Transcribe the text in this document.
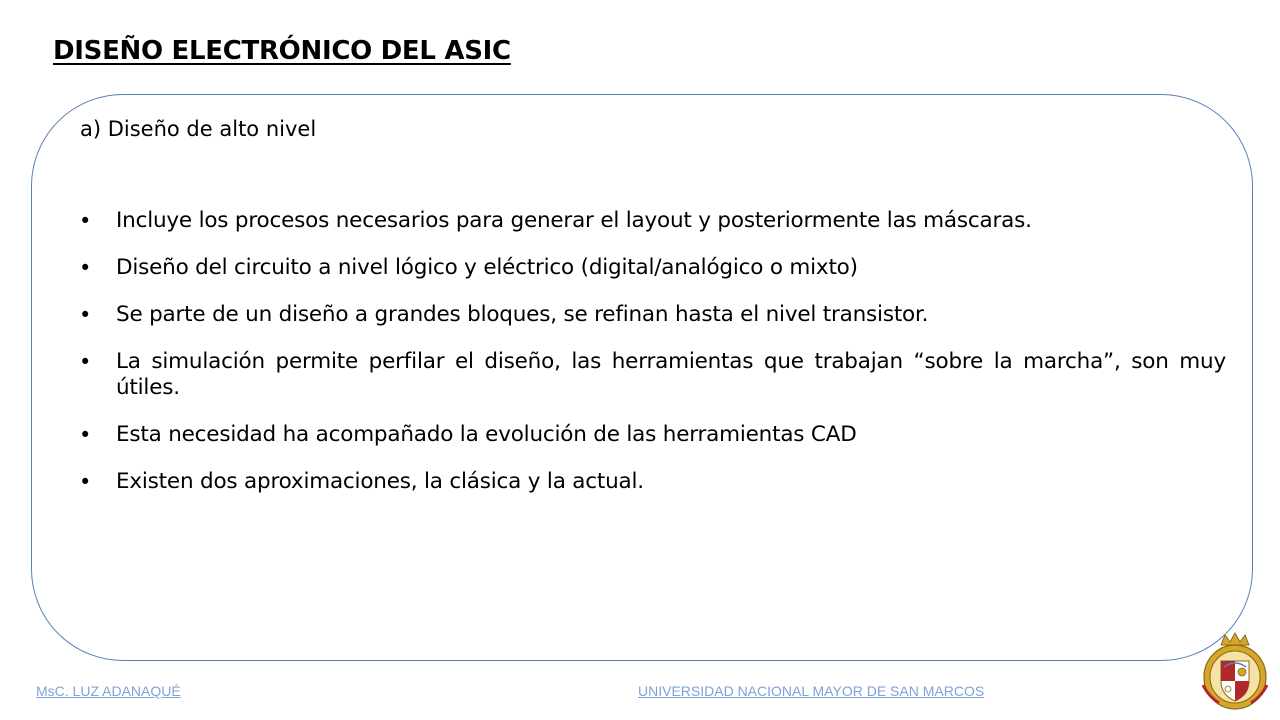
DISEÑO ELECTRÓNICO DEL ASIC
a) Diseño de alto nivel
•	Incluye los procesos necesarios para generar el layout y posteriormente las máscaras.
•	Diseño del circuito a nivel lógico y eléctrico (digital/analógico o mixto)
•	Se parte de un diseño a grandes bloques, se refinan hasta el nivel transistor.
•	La simulación permite perfilar el diseño, las herramientas que trabajan “sobre la marcha”, son muy útiles.
•	Esta necesidad ha acompañado la evolución de las herramientas CAD
•	Existen dos aproximaciones, la clásica y la actual.
MsC. LUZ ADANAQUÉ	UNIVERSIDAD NACIONAL MAYOR DE SAN MARCOS
